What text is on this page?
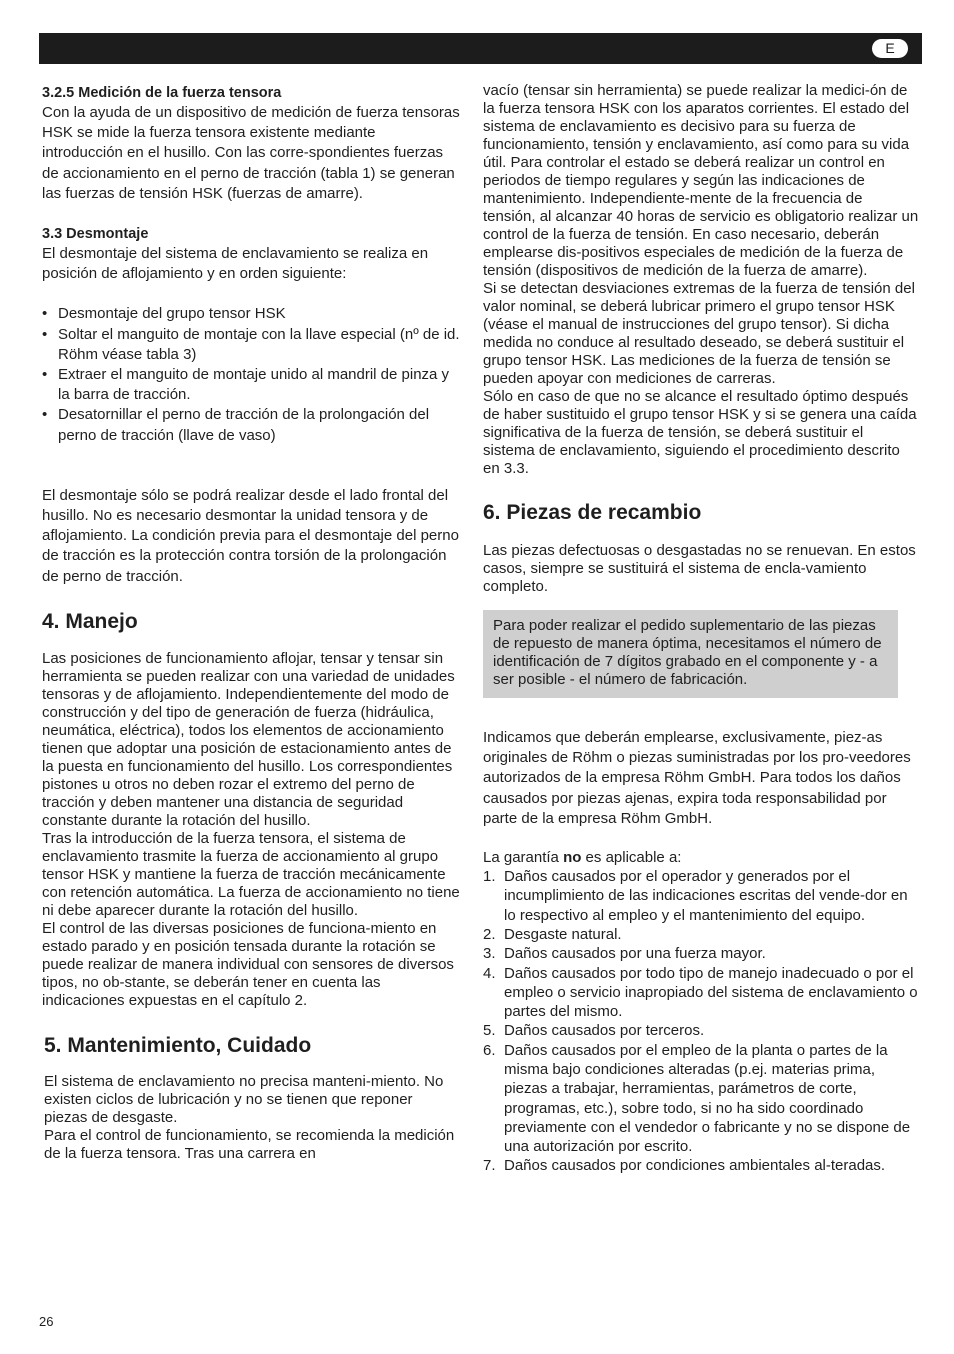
E

3.2.5 Medición de la fuerza tensora

Con la ayuda de un dispositivo de medición de fuerza tensoras HSK se mide la fuerza tensora existente mediante introducción en el husillo. Con las corre-spondientes fuerzas de accionamiento en el perno de tracción (tabla 1) se generan las fuerzas de tensión HSK (fuerzas de amarre).

3.3 Desmontaje

El desmontaje del sistema de enclavamiento se realiza en posición de aflojamiento y en orden siguiente:

• Desmontaje del grupo tensor HSK
• Soltar el manguito de montaje con la llave especial (nº de id. Röhm véase tabla 3)
• Extraer el manguito de montaje unido al mandril de pinza y la barra de tracción.
• Desatornillar el perno de tracción de la prolongación del perno de tracción (llave de vaso)

El desmontaje sólo se podrá realizar desde el lado frontal del husillo. No es necesario desmontar la unidad tensora y de aflojamiento. La condición previa para el desmontaje del perno de tracción es la protección contra torsión de la prolongación de perno de tracción.

4. Manejo

Las posiciones de funcionamiento aflojar, tensar y tensar sin herramienta se pueden realizar con una variedad de unidades tensoras y de aflojamiento. Independientemente del modo de construcción y del tipo de generación de fuerza (hidráulica, neumática, eléctrica), todos los elementos de accionamiento tienen que adoptar una posición de estacionamiento antes de la puesta en funcionamiento del husillo. Los correspondientes pistones u otros no deben rozar el extremo del perno de tracción y deben mantener una distancia de seguridad constante durante la rotación del husillo.

Tras la introducción de la fuerza tensora, el sistema de enclavamiento trasmite la fuerza de accionamiento al grupo tensor HSK y mantiene la fuerza de tracción mecánicamente con retención automática. La fuerza de accionamiento no tiene ni debe aparecer durante la rotación del husillo.

El control de las diversas posiciones de funciona-miento en estado parado y en posición tensada durante la rotación se puede realizar de manera individual con sensores de diversos tipos, no ob-stante, se deberán tener en cuenta las indicaciones expuestas en el capítulo 2.

5. Mantenimiento, Cuidado

El sistema de enclavamiento no precisa manteni-miento. No existen ciclos de lubricación y no se tienen que reponer piezas de desgaste.

Para el control de funcionamiento, se recomienda la medición de la fuerza tensora. Tras una carrera en

vacío (tensar sin herramienta) se puede realizar la medici-ón de la fuerza tensora HSK con los aparatos corrientes. El estado del sistema de enclavamiento es decisivo para su fuerza de funcionamiento, tensión y enclavamiento, así como para su vida útil. Para controlar el estado se deberá realizar un control en periodos de tiempo regulares y según las indicaciones de mantenimiento. Independiente-mente de la frecuencia de tensión, al alcanzar 40 horas de servicio es obligatorio realizar un control de la fuerza de tensión. En caso necesario, deberán emplearse dis-positivos especiales de medición de la fuerza de tensión (dispositivos de medición de la fuerza de amarre).

Si se detectan desviaciones extremas de la fuerza de tensión del valor nominal, se deberá lubricar primero el grupo tensor HSK (véase el manual de instrucciones del grupo tensor). Si dicha medida no conduce al resultado deseado, se deberá sustituir el grupo tensor HSK. Las mediciones de la fuerza de tensión se pueden apoyar con mediciones de carreras.

Sólo en caso de que no se alcance el resultado óptimo después de haber sustituido el grupo tensor HSK y si se genera una caída significativa de la fuerza de tensión, se deberá sustituir el sistema de enclavamiento, siguiendo el procedimiento descrito en 3.3.

6. Piezas de recambio

Las piezas defectuosas o desgastadas no se renuevan. En estos casos, siempre se sustituirá el sistema de encla-vamiento completo.

Para poder realizar el pedido suplementario de las piezas de repuesto de manera óptima, necesitamos el número de identificación de 7 dígitos grabado en el componente y - a ser posible - el número de fabricación.

Indicamos que deberán emplearse, exclusivamente, piez-as originales de Röhm o piezas suministradas por los pro-veedores autorizados de la empresa Röhm GmbH. Para todos los daños causados por piezas ajenas, expira toda responsabilidad por parte de la empresa Röhm GmbH.

La garantía no es aplicable a:

1. Daños causados por el operador y generados por el incumplimiento de las indicaciones escritas del vende-dor en lo respectivo al empleo y el mantenimiento del equipo.
2. Desgaste natural.
3. Daños causados por una fuerza mayor.
4. Daños causados por todo tipo de manejo inadecuado o por el empleo o servicio inapropiado del sistema de enclavamiento o partes del mismo.
5. Daños causados por terceros.
6. Daños causados por el empleo de la planta o partes de la misma bajo condiciones alteradas (p.ej. materias prima, piezas a trabajar, herramientas, parámetros de corte, programas, etc.), sobre todo, si no ha sido coordinado previamente con el vendedor o fabricante y no se dispone de una autorización por escrito.
7. Daños causados por condiciones ambientales al-teradas.
26
